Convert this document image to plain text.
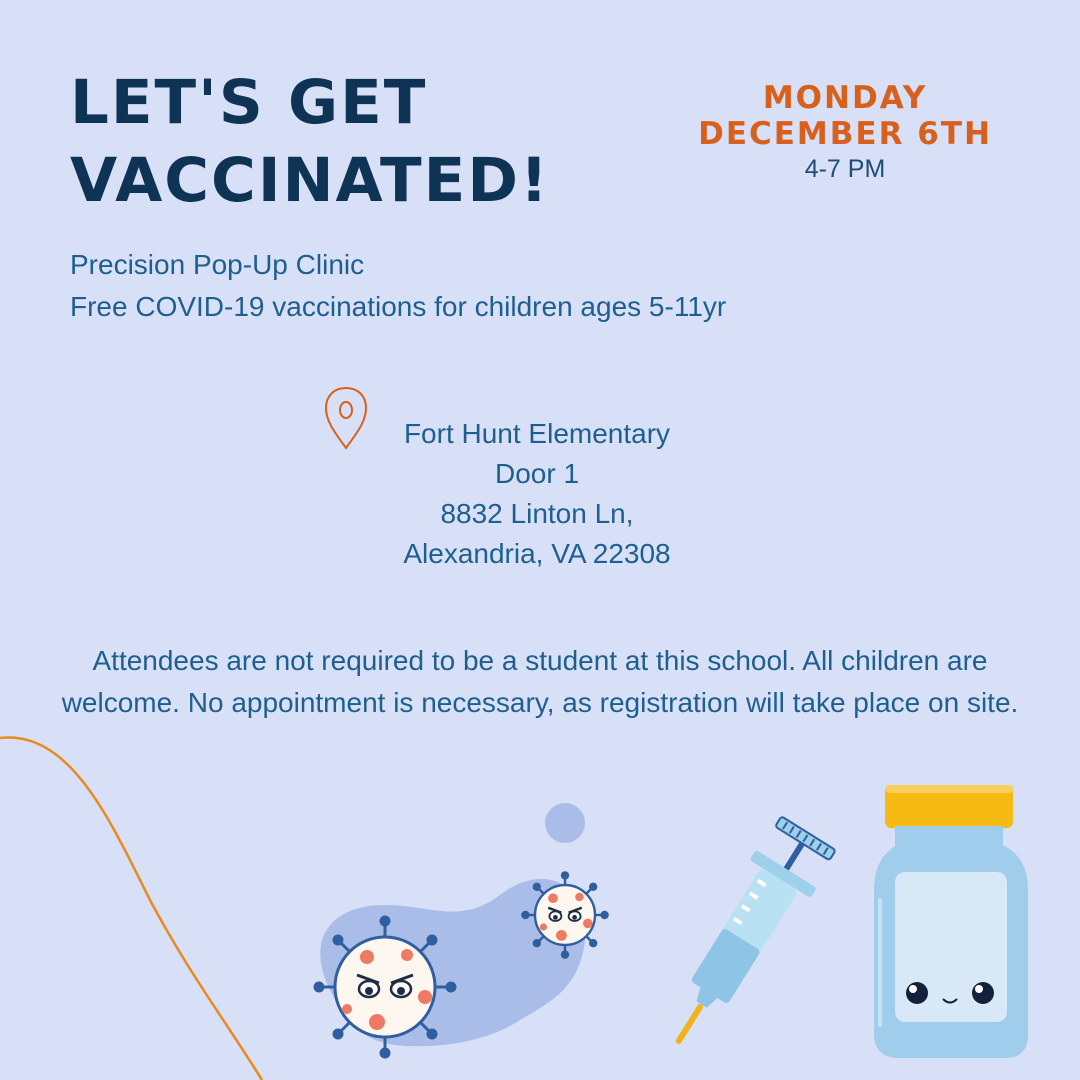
LET'S GET
VACCINATED!
MONDAY
DECEMBER 6TH
4-7 PM
Precision Pop-Up Clinic
Free COVID-19 vaccinations for children ages 5-11yr
Fort Hunt Elementary
Door 1
8832 Linton Ln,
Alexandria, VA 22308

Attendees are not required to be a student at this school. All children are welcome. No appointment is necessary, as registration will take place on site.
